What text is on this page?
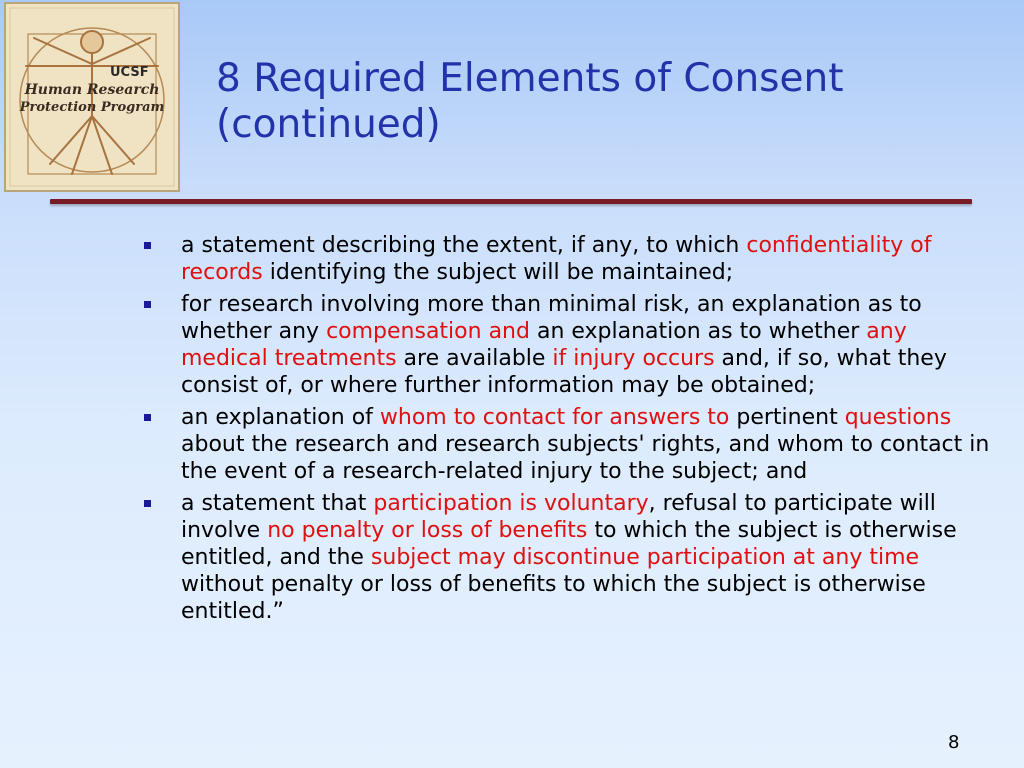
UCSF
Human Research
Protection Program
8 Required Elements of Consent
(continued)
a statement describing the extent, if any, to which confidentiality of records identifying the subject will be maintained;
for research involving more than minimal risk, an explanation as to whether any compensation and an explanation as to whether any medical treatments are available if injury occurs and, if so, what they consist of, or where further information may be obtained;
an explanation of whom to contact for answers to pertinent questions about the research and research subjects' rights, and whom to contact in the event of a research-related injury to the subject; and
a statement that participation is voluntary, refusal to participate will involve no penalty or loss of benefits to which the subject is otherwise entitled, and the subject may discontinue participation at any time without penalty or loss of benefits to which the subject is otherwise entitled.”
8
